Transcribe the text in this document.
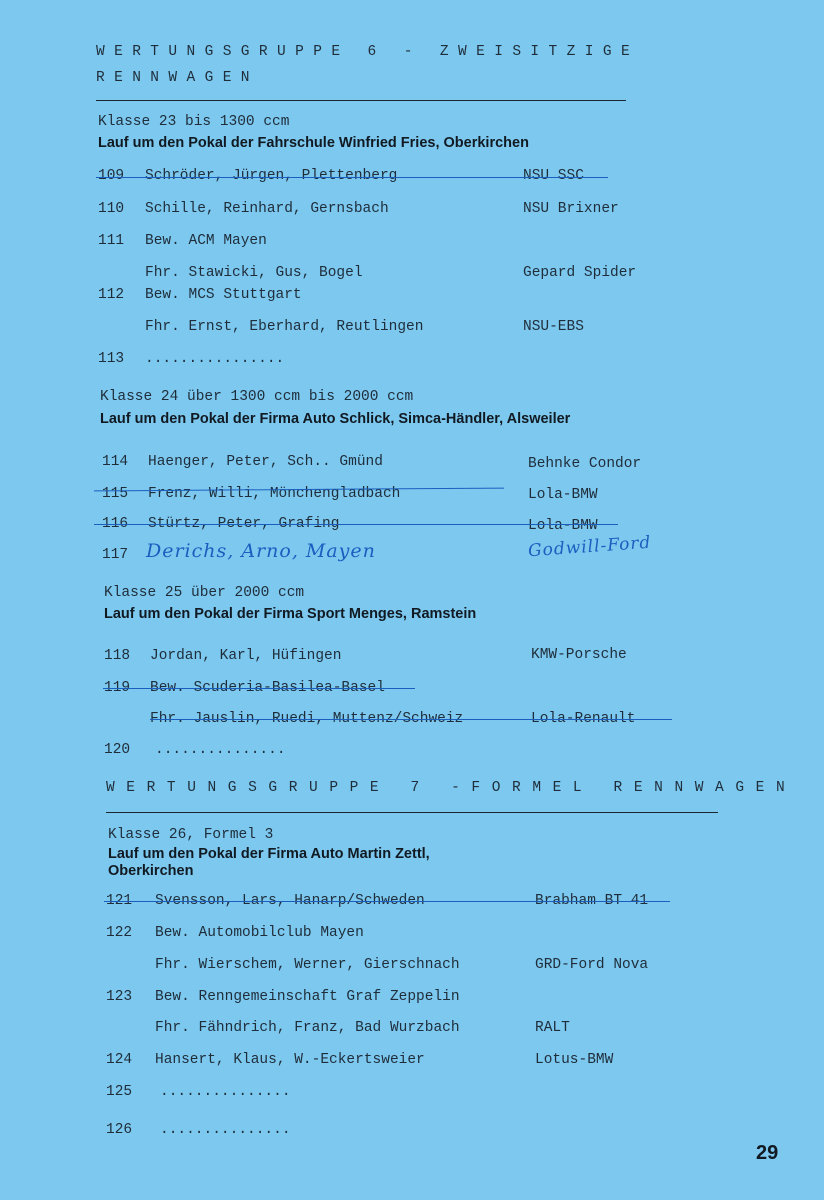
WERTUNGSGRUPPE 6 - ZWEISITZIGE
RENNWAGEN
Klasse 23 bis 1300 ccm
Lauf um den Pokal der Fahrschule Winfried Fries, Oberkirchen
109 Schröder, Jürgen, Plettenberg	NSU SSC
110 Schille, Reinhard, Gernsbach	NSU Brixner
111 Bew. ACM Mayen
Fhr. Stawicki, Gus, Bogel	Gepard Spider
112 Bew. MCS Stuttgart
Fhr. Ernst, Eberhard, Reutlingen	NSU-EBS
113 ................
Klasse 24 über 1300 ccm bis 2000 ccm
Lauf um den Pokal der Firma Auto Schlick, Simca-Händler, Alsweiler
114 Haenger, Peter, Sch.. Gmünd	Behnke Condor
115 Frenz, Willi, Mönchengladbach	Lola-BMW
116 Stürtz, Peter, Grafing	Lola-BMW
117 Derichs, Arno, Mayen	Godwill-Ford
Klasse 25 über 2000 ccm
Lauf um den Pokal der Firma Sport Menges, Ramstein
118 Jordan, Karl, Hüfingen	KMW-Porsche
119 Bew. Scuderia-Basilea-Basel
Fhr. Jauslin, Ruedi, Muttenz/Schweiz	Lola-Renault
120 ...............
WERTUNGSGRUPPE 7 -FORMEL RENNWAGEN
Klasse 26, Formel 3
Lauf um den Pokal der Firma Auto Martin Zettl,
Oberkirchen
121 Svensson, Lars, Hanarp/Schweden	Brabham BT 41
122 Bew. Automobilclub Mayen
Fhr. Wierschem, Werner, Gierschnach	GRD-Ford Nova
123 Bew. Renngemeinschaft Graf Zeppelin
Fhr. Fähndrich, Franz, Bad Wurzbach	RALT
124 Hansert, Klaus, W.-Eckertsweier	Lotus-BMW
125 ...............
126 ...............
29
